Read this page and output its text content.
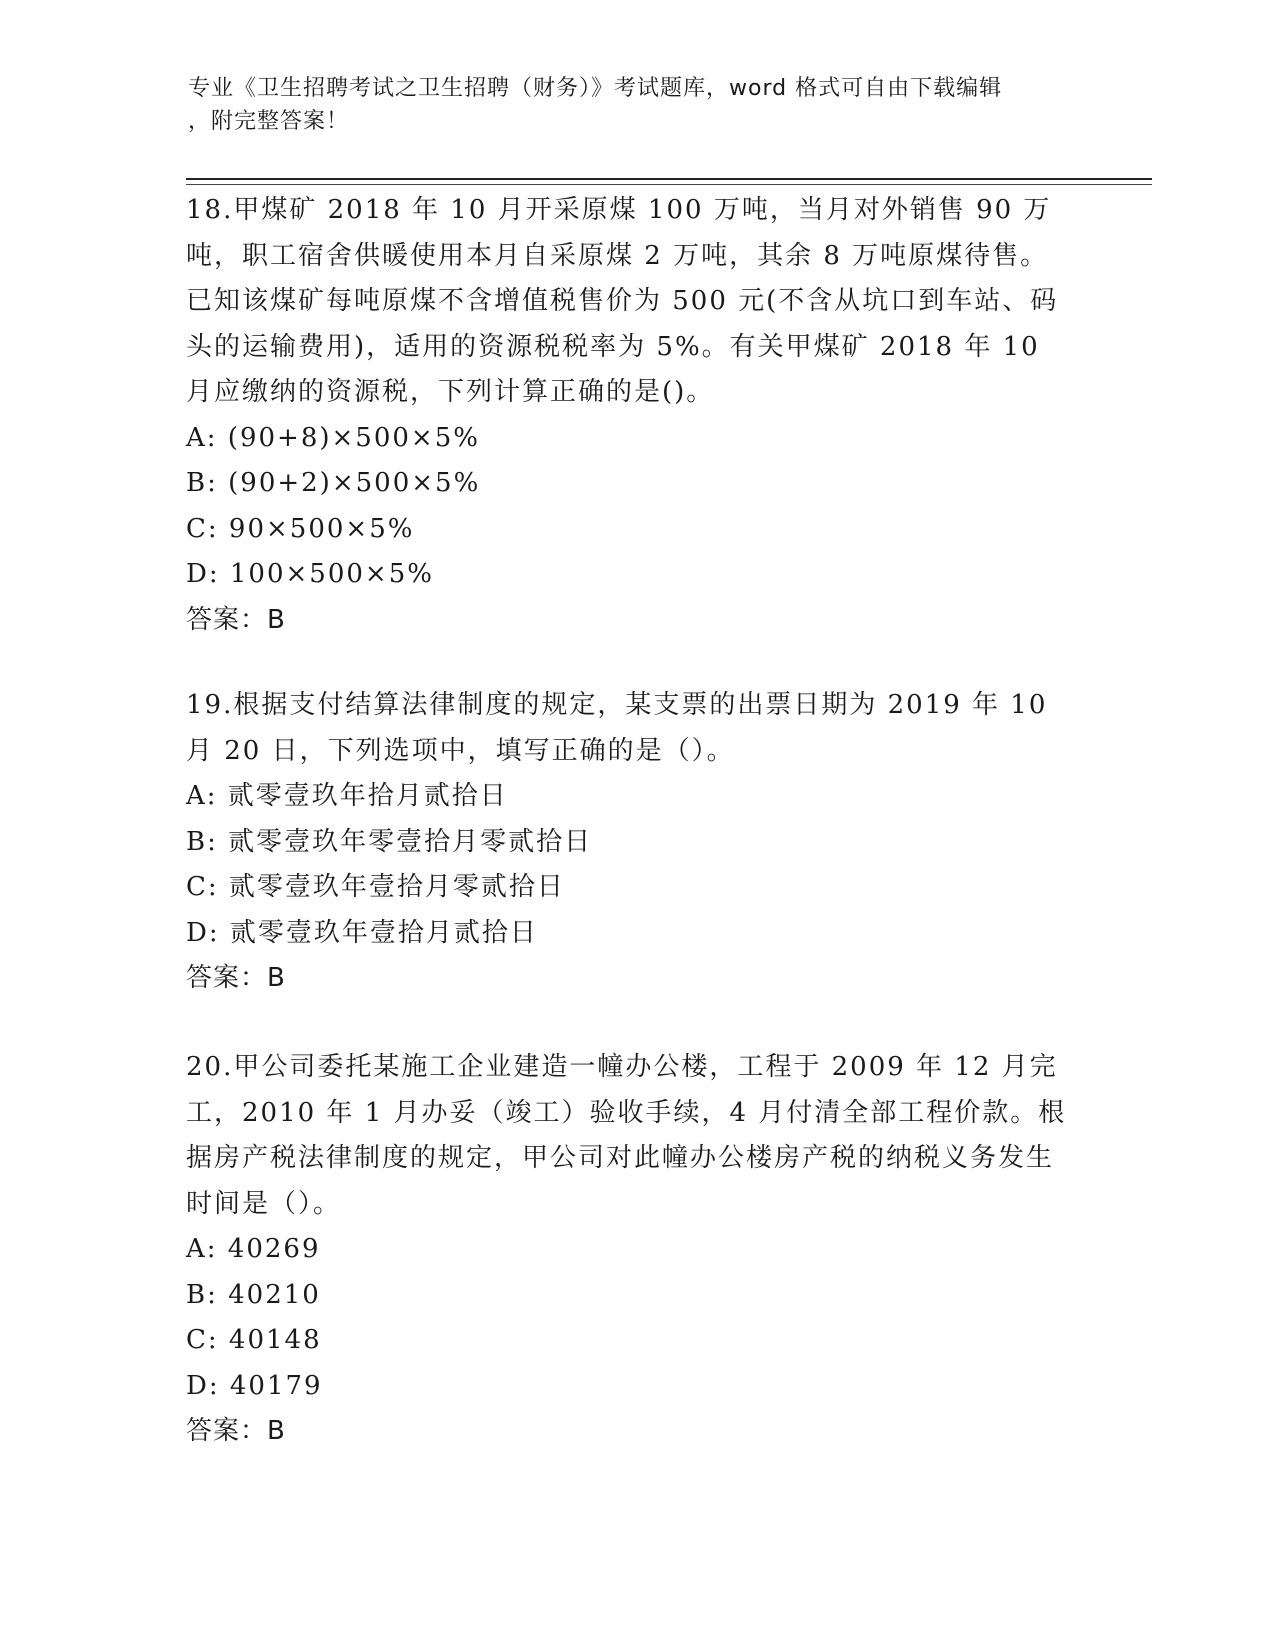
专业《卫生招聘考试之卫生招聘（财务）》考试题库，word 格式可自由下载编辑
，附完整答案！

18.甲煤矿 2018 年 10 月开采原煤 100 万吨，当月对外销售 90 万吨，职工宿舍供暖使用本月自采原煤 2 万吨，其余 8 万吨原煤待售。已知该煤矿每吨原煤不含增值税售价为 500 元(不含从坑口到车站、码头的运输费用)，适用的资源税税率为 5%。有关甲煤矿 2018 年 10 月应缴纳的资源税，下列计算正确的是()。

A: (90+8)×500×5%

B: (90+2)×500×5%

C: 90×500×5%

D: 100×500×5%

答案：B

19.根据支付结算法律制度的规定，某支票的出票日期为 2019 年 10 月 20 日，下列选项中，填写正确的是（）。

A: 贰零壹玖年拾月贰拾日

B: 贰零壹玖年零壹拾月零贰拾日

C: 贰零壹玖年壹拾月零贰拾日

D: 贰零壹玖年壹拾月贰拾日

答案：B

20.甲公司委托某施工企业建造一幢办公楼，工程于 2009 年 12 月完工，2010 年 1 月办妥（竣工）验收手续，4 月付清全部工程价款。根据房产税法律制度的规定，甲公司对此幢办公楼房产税的纳税义务发生时间是（）。

A: 40269

B: 40210

C: 40148

D: 40179

答案：B
